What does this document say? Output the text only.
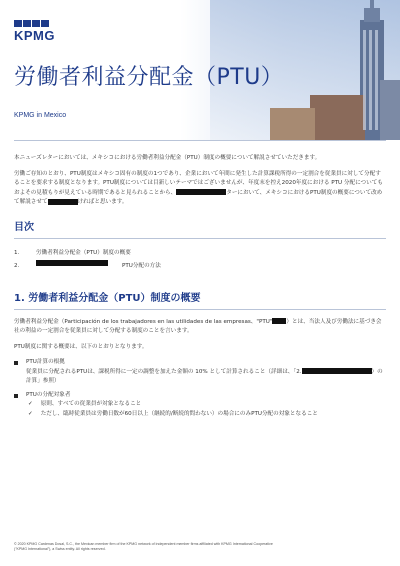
KPMG
労働者利益分配金（PTU）
KPMG in Mexico

本ニューズレターにおいては、メキシコにおける労働者利益分配金（PTU）制度の概要について解説させていただきます。

労働ご存知のとおり、PTU制度はメキシコ固有の制度の1つであり、企業において年間に発生した計算課税所得の一定割合を従業員に対して分配することを要求する制度となります。PTU制度については目新しいテーマではございませんが、年度末を控え2020年度における PTU 分配についてもおよその見積もりが見えている時期であると見られることから、	ターにおいて、メキシコにおけるPTU制度の概要について改めて解説させて	ければと思います。

目次
1.	労働者利益分配金（PTU）制度の概要
2.	PTU分配の方法
1. 労働者利益分配金（PTU）制度の概要

労働者利益分配金（Participación de los trabajadores en las utilidades de las empresas、"PTU"	）とは、当法人及び労働法に基づき会社の利益の一定割合を従業員に対して分配する制度のことを言います。

PTU制度に関する概要は、以下のとおりとなります。

PTU計算の根拠
従業員に分配されるPTUは、課税所得に一定の調整を加えた金額の 10% として計算されること（詳細は、「2.	）の計算」参照）
PTUの分配対象者
✓ 原則、すべての従業員が対象となること
✓ ただし、臨時従業員は労働日数が60日以上（継続的/断続的問わない）の場合にのみPTU分配の対象となること
© 2020 KPMG Cardenas Dosal, S.C., the Mexican member firm of the KPMG network of independent member firms affiliated with KPMG International Cooperative
("KPMG International"), a Swiss entity. All rights reserved.
